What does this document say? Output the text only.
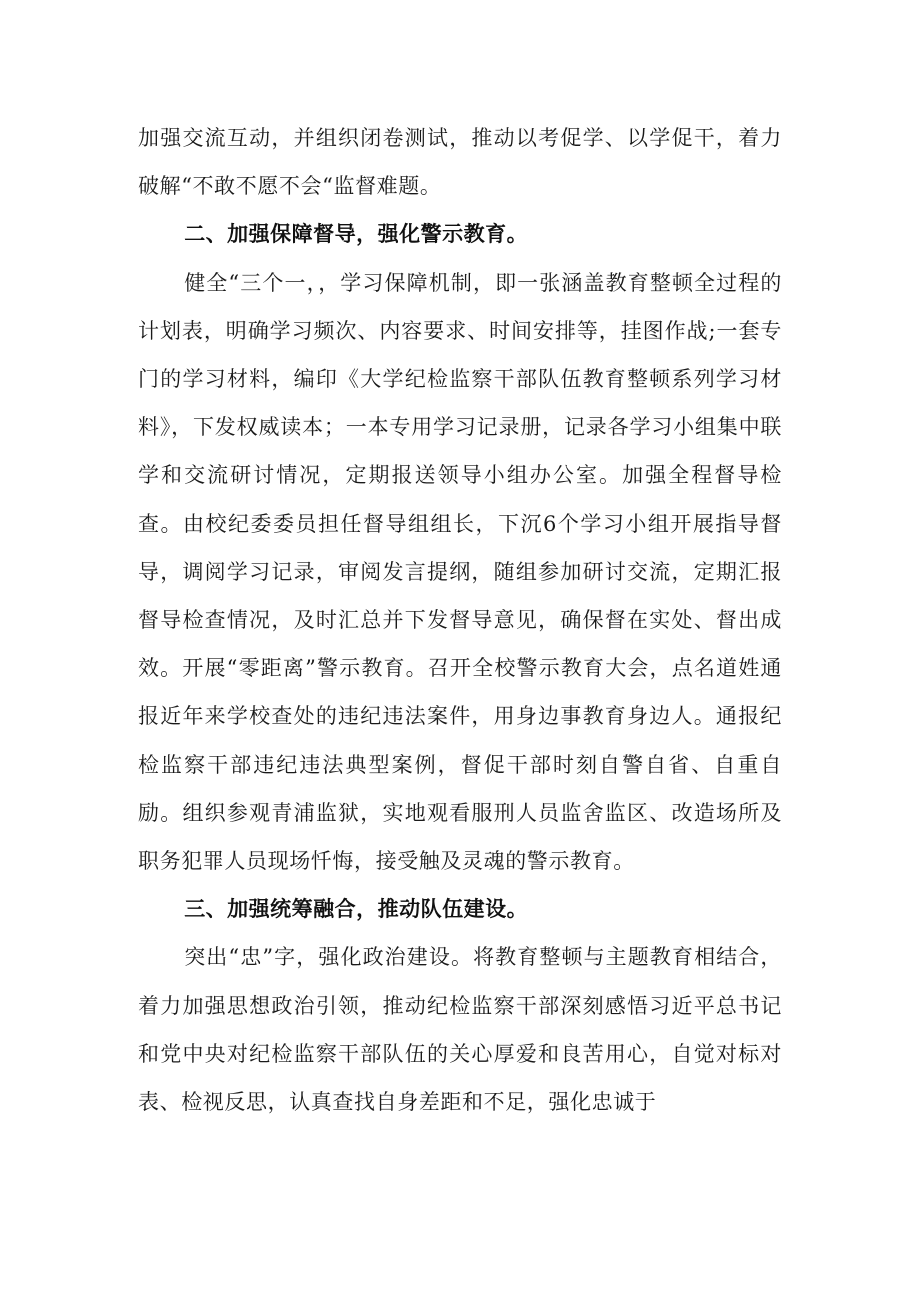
加强交流互动，并组织闭卷测试，推动以考促学、以学促干，着力破解“不敢不愿不会“监督难题。

二、加强保障督导，强化警示教育。

健全“三个一，，学习保障机制，即一张涵盖教育整顿全过程的计划表，明确学习频次、内容要求、时间安排等，挂图作战;一套专门的学习材料，编印《大学纪检监察干部队伍教育整顿系列学习材料》，下发权威读本；一本专用学习记录册，记录各学习小组集中联学和交流研讨情况，定期报送领导小组办公室。加强全程督导检查。由校纪委委员担任督导组组长，下沉6个学习小组开展指导督导，调阅学习记录，审阅发言提纲，随组参加研讨交流，定期汇报督导检查情况，及时汇总并下发督导意见，确保督在实处、督出成效。开展“零距离”警示教育。召开全校警示教育大会，点名道姓通报近年来学校查处的违纪违法案件，用身边事教育身边人。通报纪检监察干部违纪违法典型案例，督促干部时刻自警自省、自重自励。组织参观青浦监狱，实地观看服刑人员监舍监区、改造场所及职务犯罪人员现场忏悔，接受触及灵魂的警示教育。

三、加强统筹融合，推动队伍建设。

突出“忠”字，强化政治建设。将教育整顿与主题教育相结合，着力加强思想政治引领，推动纪检监察干部深刻感悟习近平总书记和党中央对纪检监察干部队伍的关心厚爱和良苦用心，自觉对标对表、检视反思，认真查找自身差距和不足，强化忠诚于
